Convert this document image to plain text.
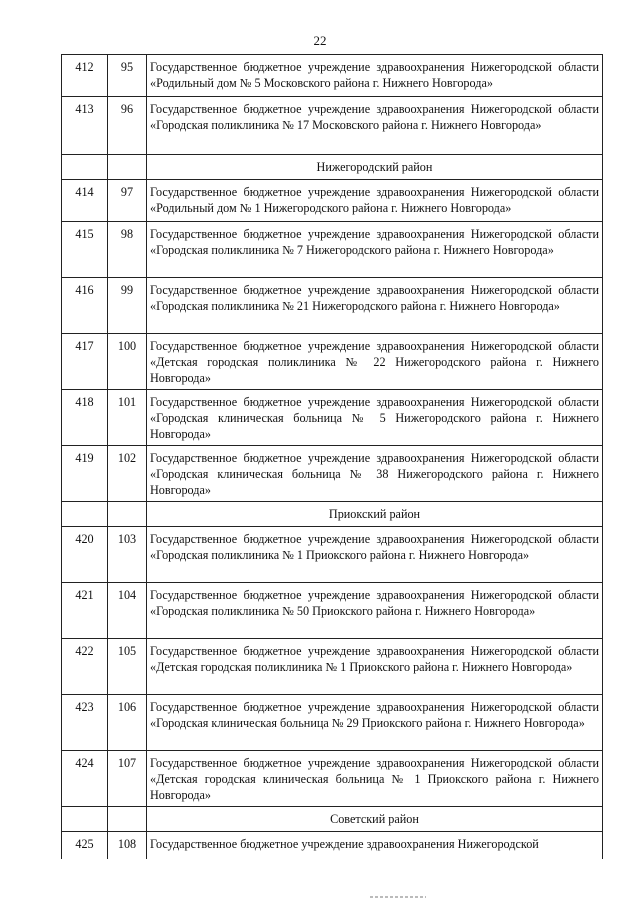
22
412	95	Государственное бюджетное учреждение здравоохранения Нижегородской области «Родильный дом № 5 Московского района г. Нижнего Новгорода»
413	96	Государственное бюджетное учреждение здравоохранения Нижегородской области «Городская поликлиника № 17 Московского района г. Нижнего Новгорода»
		Нижегородский район
414	97	Государственное бюджетное учреждение здравоохранения Нижегородской области «Родильный дом № 1 Нижегородского района г. Нижнего Новгорода»
415	98	Государственное бюджетное учреждение здравоохранения Нижегородской области «Городская поликлиника № 7 Нижегородского района г. Нижнего Новгорода»
416	99	Государственное бюджетное учреждение здравоохранения Нижегородской области «Городская поликлиника № 21 Нижегородского района г. Нижнего Новгорода»
417	100	Государственное бюджетное учреждение здравоохранения Нижегородской области «Детская городская поликлиника № 22 Нижегородского района г. Нижнего Новгорода»
418	101	Государственное бюджетное учреждение здравоохранения Нижегородской области «Городская клиническая больница № 5 Нижегородского района г. Нижнего Новгорода»
419	102	Государственное бюджетное учреждение здравоохранения Нижегородской области «Городская клиническая больница № 38 Нижегородского района г. Нижнего Новгорода»
		Приокский район
420	103	Государственное бюджетное учреждение здравоохранения Нижегородской области «Городская поликлиника № 1 Приокского района г. Нижнего Новгорода»
421	104	Государственное бюджетное учреждение здравоохранения Нижегородской области «Городская поликлиника № 50 Приокского района г. Нижнего Новгорода»
422	105	Государственное бюджетное учреждение здравоохранения Нижегородской области «Детская городская поликлиника № 1 Приокского района г. Нижнего Новгорода»
423	106	Государственное бюджетное учреждение здравоохранения Нижегородской области «Городская клиническая больница № 29 Приокского района г. Нижнего Новгорода»
424	107	Государственное бюджетное учреждение здравоохранения Нижегородской области «Детская городская клиническая больница № 1 Приокского района г. Нижнего Новгорода»
		Советский район
425	108	Государственное бюджетное учреждение здравоохранения Нижегородской
